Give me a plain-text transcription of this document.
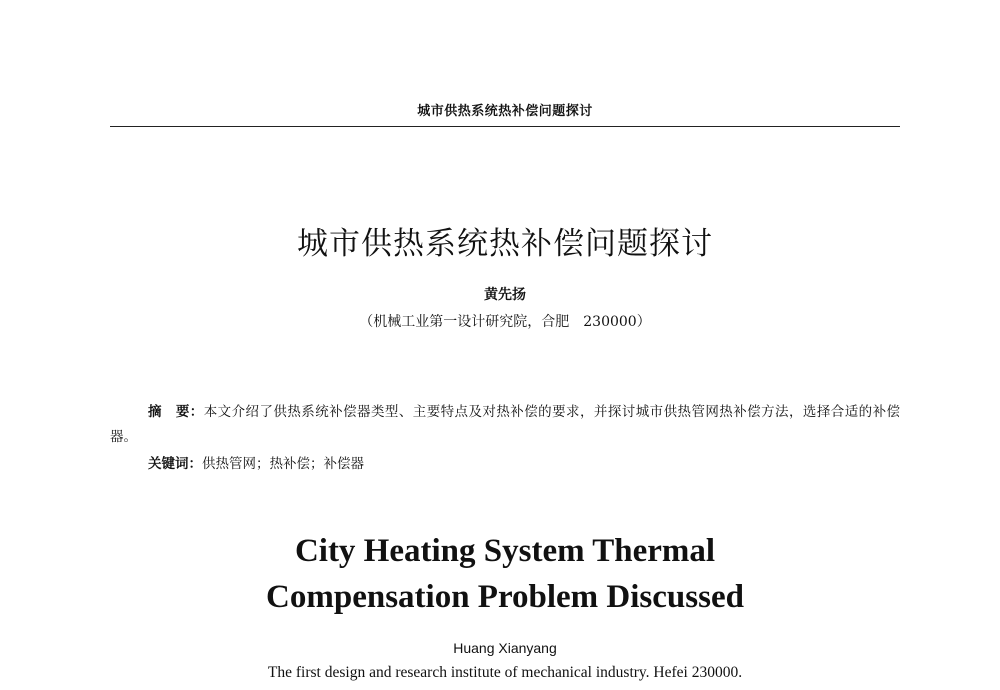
城市供热系统热补偿问题探讨
城市供热系统热补偿问题探讨
黄先扬
（机械工业第一设计研究院，合肥　230000）

摘　要：本文介绍了供热系统补偿器类型、主要特点及对热补偿的要求，并探讨城市供热管网热补偿方法，选择合适的补偿器。

关键词：供热管网；热补偿；补偿器

City Heating System Thermal
Compensation Problem Discussed
Huang Xianyang
The first design and research institute of mechanical industry. Hefei 230000.
